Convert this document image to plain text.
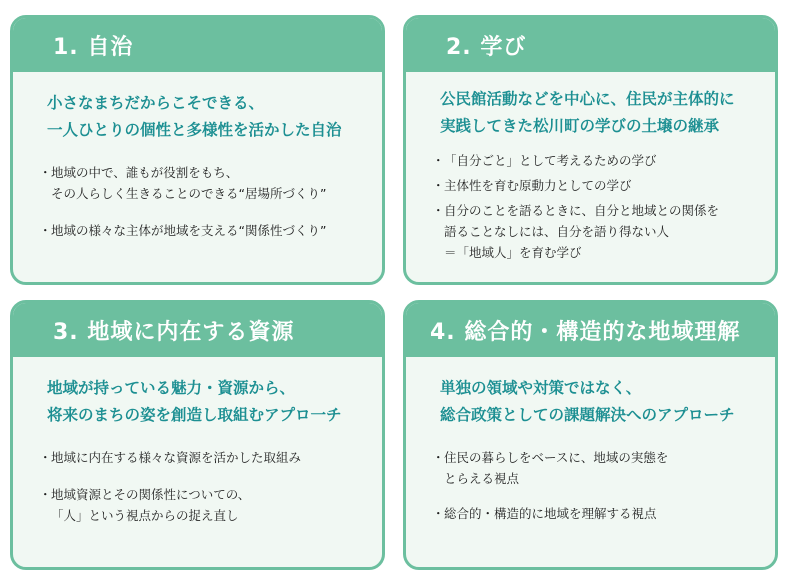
1. 自治
小さなまちだからこそできる、
一人ひとりの個性と多様性を活かした自治
・ 地域の中で、誰もが役割をもち、
その人らしく生きることのできる“居場所づくり”
・ 地域の様々な主体が地域を支える“関係性づくり”
2. 学び
公民館活動などを中心に、住民が主体的に
実践してきた松川町の学びの土壌の継承
・ 「自分ごと」として考えるための学び
・ 主体性を育む原動力としての学び
・ 自分のことを語るときに、自分と地域との関係を
語ることなしには、自分を語り得ない人
＝「地域人」を育む学び
3. 地域に内在する資源
地域が持っている魅力・資源から、
将来のまちの姿を創造し取組むアプロ一チ
・ 地域に内在する様々な資源を活かした取組み
・ 地域資源とその関係性についての、
「人」という視点からの捉え直し
4. 総合的・構造的な地域理解
単独の領域や対策ではなく、
総合政策としての課題解決へのアプローチ
・ 住民の暮らしをベースに、地域の実態を
とらえる視点
・ 総合的・構造的に地域を理解する視点
